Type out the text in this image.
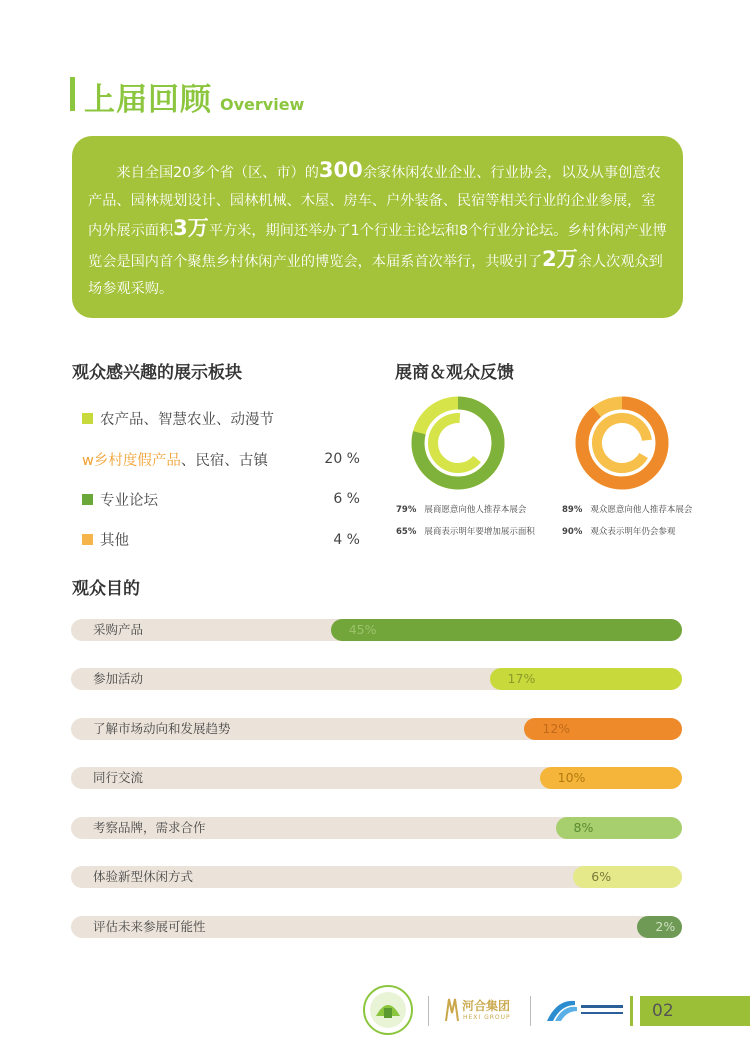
上届回顾 Overview

来自全国20多个省（区、市）的300余家休闲农业企业、行业协会，以及从事创意农产品、园林规划设计、园林机械、木屋、房车、户外装备、民宿等相关行业的企业参展，室内外展示面积3万平方米，期间还举办了1个行业主论坛和8个行业分论坛。乡村休闲产业博览会是国内首个聚焦乡村休闲产业的博览会，本届系首次举行，共吸引了2万余人次观众到场参观采购。

观众感兴趣的展示板块
农产品、智慧农业、动漫节
w乡村度假产品 、民宿、古镇	20 %
专业论坛	6 %
其他	4 %
展商＆观众反馈
79% 展商愿意向他人推荐本展会
65% 展商表示明年要增加展示面积
89% 观众愿意向他人推荐本展会
90% 观众表示明年仍会参观
观众目的
采购产品	45%
参加活动	17%
了解市场动向和发展趋势	12%
同行交流	10%
考察品牌，需求合作	8%
体验新型休闲方式	6%
评估未来参展可能性	2%
河合集团
HEXI GROUP	02
